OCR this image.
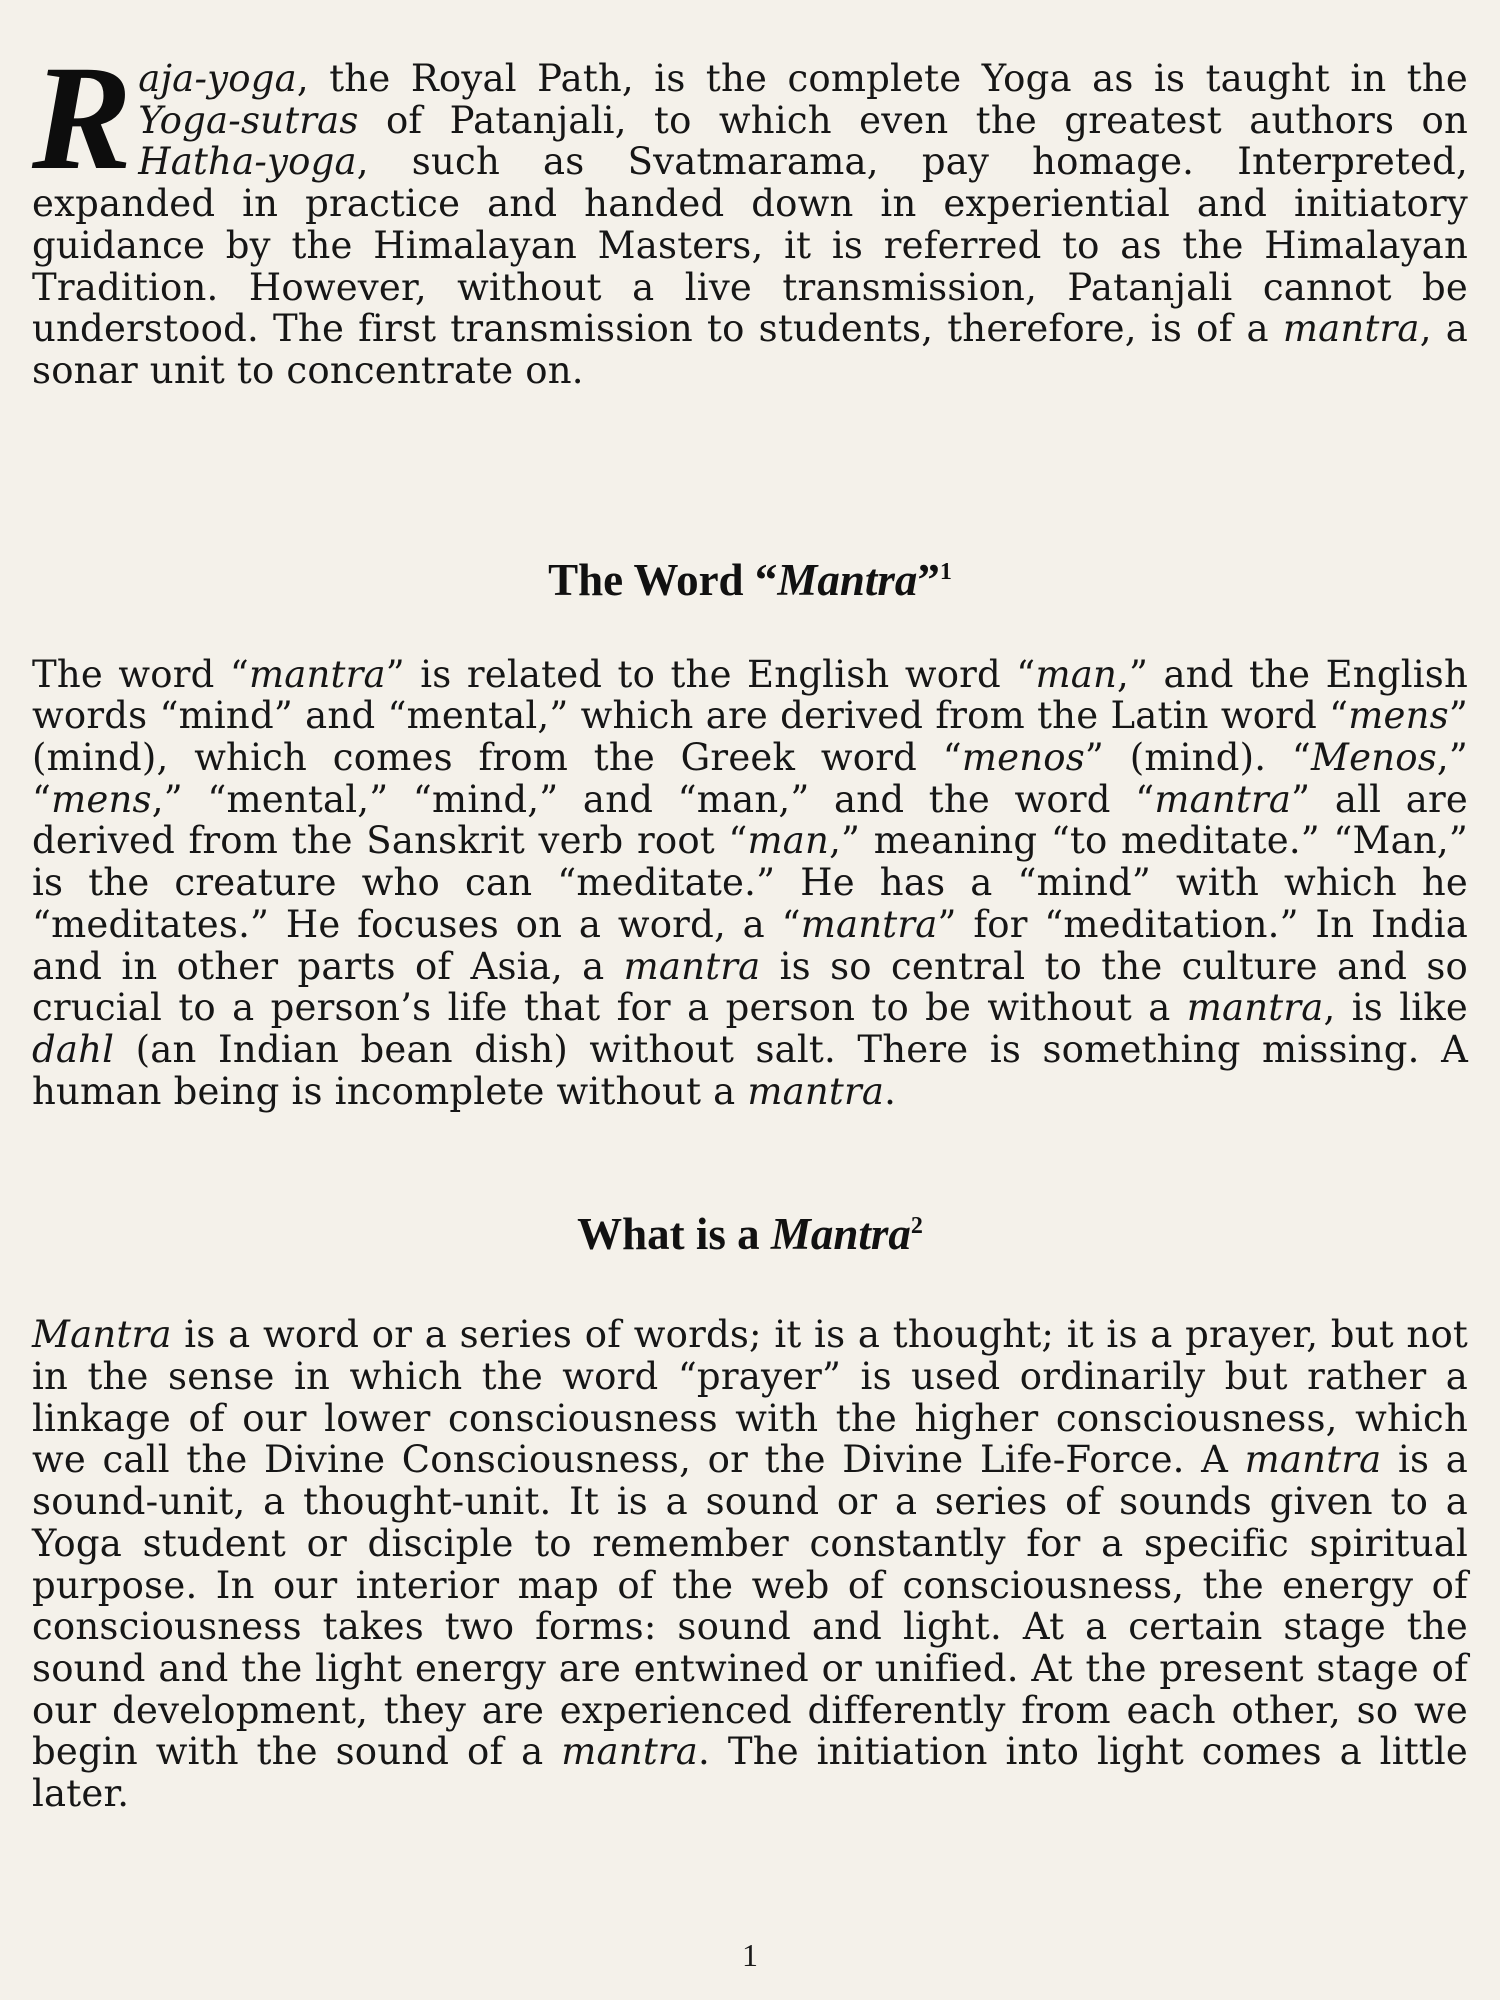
Raja-yoga, the Royal Path, is the complete Yoga as is taught in the Yoga-sutras of Patanjali, to which even the greatest authors on Hatha-yoga, such as Svatmarama, pay homage. Interpreted, expanded in practice and handed down in experiential and initiatory guidance by the Himalayan Masters, it is referred to as the Himalayan Tradition. However, without a live transmission, Patanjali cannot be understood. The first transmission to students, therefore, is of a mantra, a sonar unit to concentrate on.

The Word “Mantra”$^1$

The word “mantra” is related to the English word “man,” and the English words “mind” and “mental,” which are derived from the Latin word “mens” (mind), which comes from the Greek word “menos” (mind). “Menos,” “mens,” “mental,” “mind,” and “man,” and the word “mantra” all are derived from the Sanskrit verb root “man,” meaning “to meditate.” “Man,” is the creature who can “meditate.” He has a “mind” with which he “meditates.” He focuses on a word, a “mantra” for “meditation.” In India and in other parts of Asia, a mantra is so central to the culture and so crucial to a person’s life that for a person to be without a mantra, is like dahl (an Indian bean dish) without salt. There is something missing. A human being is incomplete without a mantra.

What is a Mantra$^2$

Mantra is a word or a series of words; it is a thought; it is a prayer, but not in the sense in which the word “prayer” is used ordinarily but rather a linkage of our lower consciousness with the higher consciousness, which we call the Divine Consciousness, or the Divine Life-Force. A mantra is a sound-unit, a thought-unit. It is a sound or a series of sounds given to a Yoga student or disciple to remember constantly for a specific spiritual purpose. In our interior map of the web of consciousness, the energy of consciousness takes two forms: sound and light. At a certain stage the sound and the light energy are entwined or unified. At the present stage of our development, they are experienced differently from each other, so we begin with the sound of a mantra. The initiation into light comes a little later.

1
